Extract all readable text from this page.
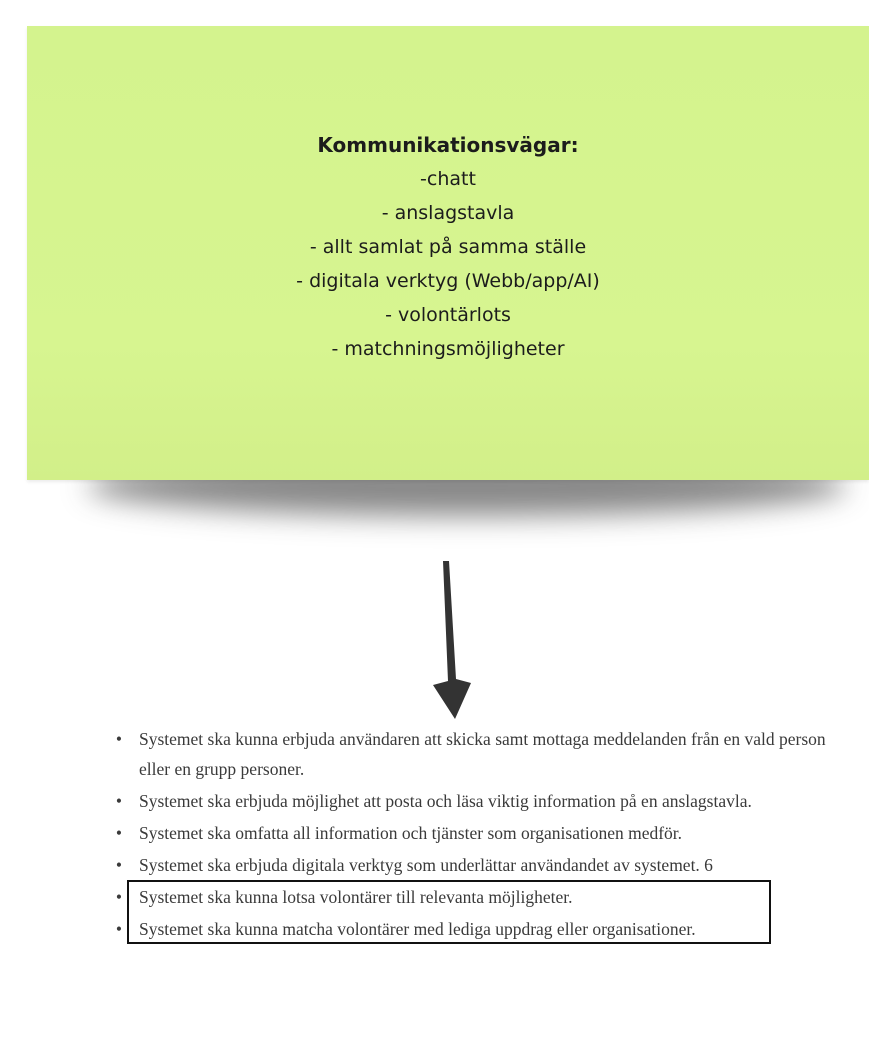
Kommunikationsvägar:

-chatt

- anslagstavla

- allt samlat på samma ställe

- digitala verktyg (Webb/app/AI)

- volontärlots

- matchningsmöjligheter

• Systemet ska kunna erbjuda användaren att skicka samt mottaga meddelanden från en vald person eller en grupp personer.
• Systemet ska erbjuda möjlighet att posta och läsa viktig information på en anslagstavla.
• Systemet ska omfatta all information och tjänster som organisationen medför.
• Systemet ska erbjuda digitala verktyg som underlättar användandet av systemet. 6
• Systemet ska kunna lotsa volontärer till relevanta möjligheter.
• Systemet ska kunna matcha volontärer med lediga uppdrag eller organisationer.
